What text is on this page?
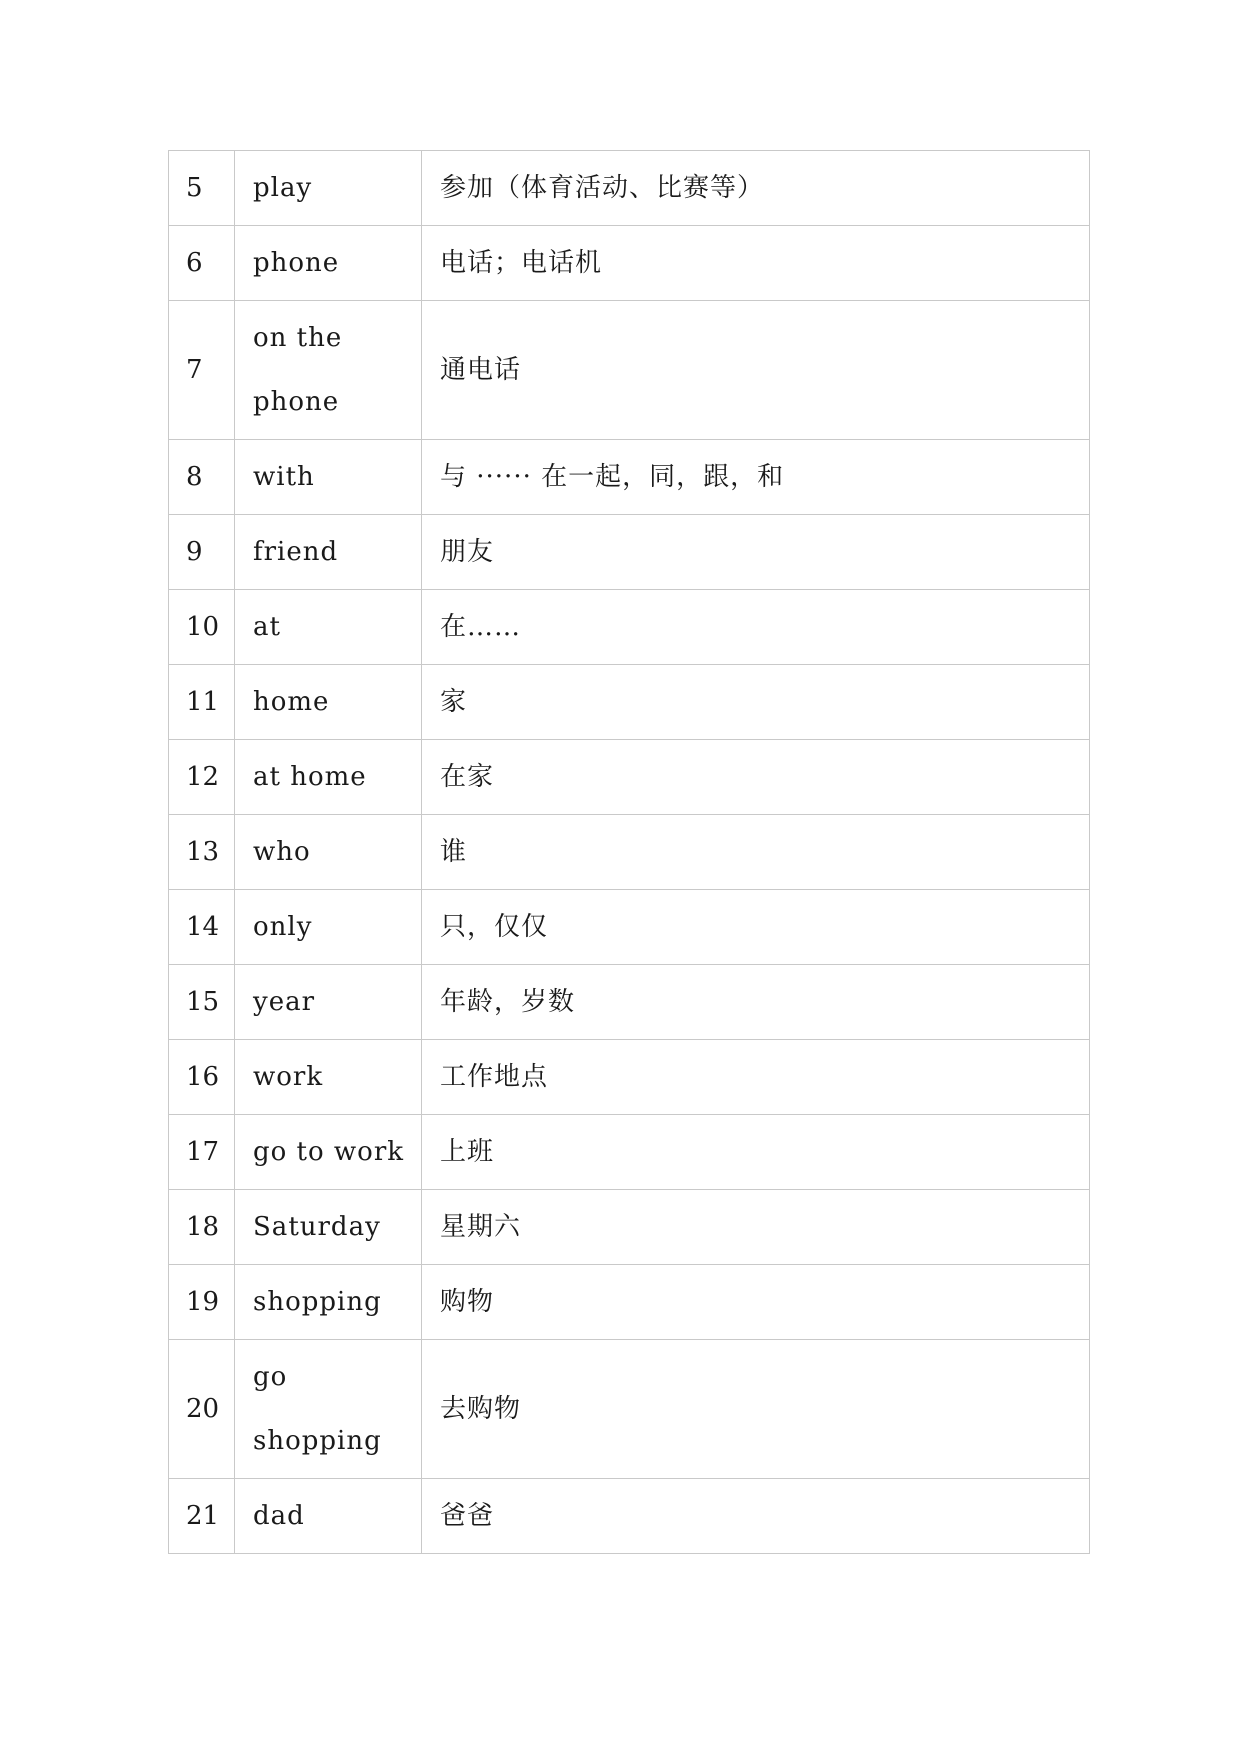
5	play	参加（体育活动、比赛等）
6	phone	电话；电话机
7	on the phone	通电话
8	with	与 ······ 在一起，同，跟，和
9	friend	朋友
10	at	在……
11	home	家
12	at home	在家
13	who	谁
14	only	只，仅仅
15	year	年龄，岁数
16	work	工作地点
17	go to work	上班
18	Saturday	星期六
19	shopping	购物
20	go shopping	去购物
21	dad	爸爸
